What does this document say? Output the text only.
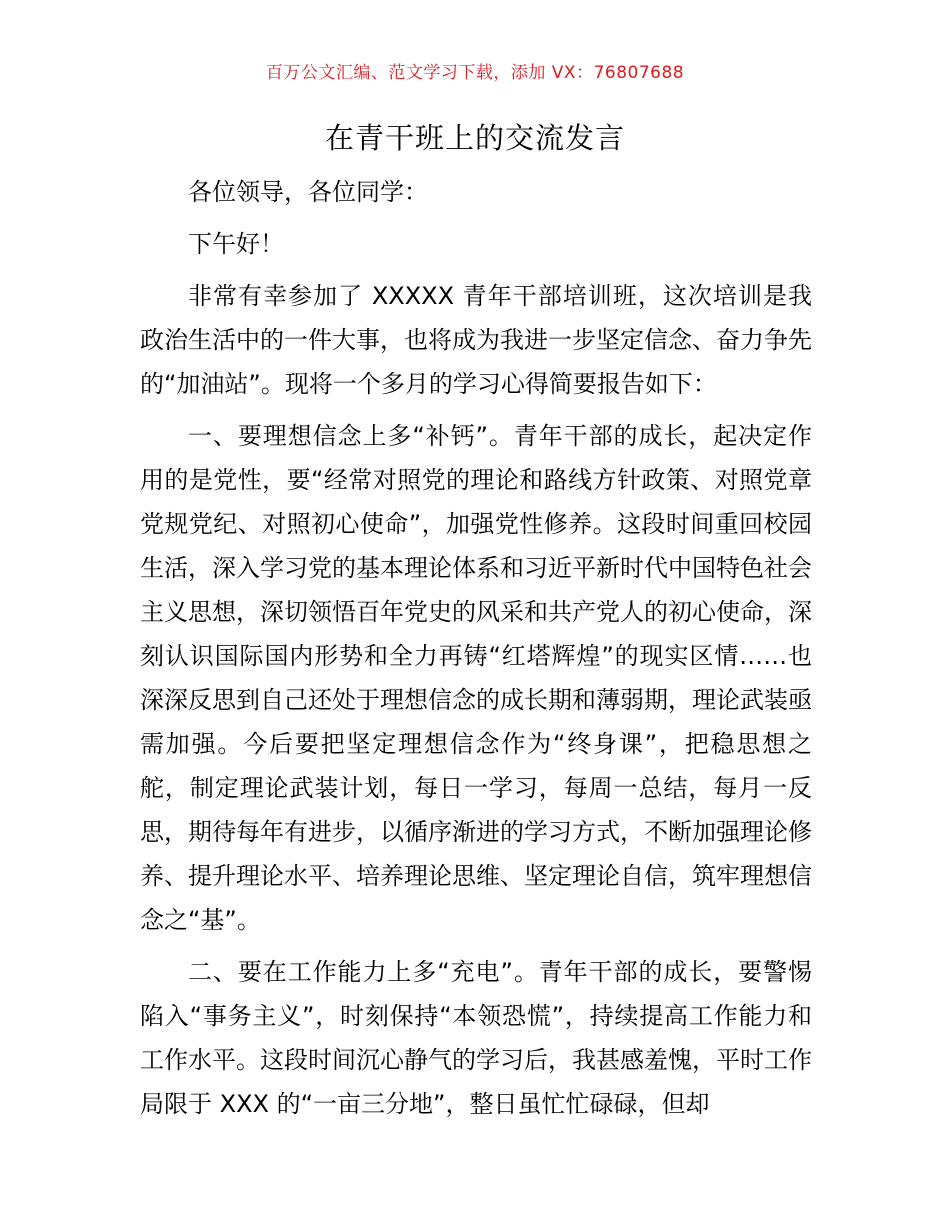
百万公文汇编、范文学习下载，添加 VX：76807688
在青干班上的交流发言

各位领导，各位同学：

下午好！

非常有幸参加了 XXXXX 青年干部培训班，这次培训是我政治生活中的一件大事，也将成为我进一步坚定信念、奋力争先的“加油站”。现将一个多月的学习心得简要报告如下：

一、要理想信念上多“补钙”。青年干部的成长，起决定作用的是党性，要“经常对照党的理论和路线方针政策、对照党章党规党纪、对照初心使命”，加强党性修养。这段时间重回校园生活，深入学习党的基本理论体系和习近平新时代中国特色社会主义思想，深切领悟百年党史的风采和共产党人的初心使命，深刻认识国际国内形势和全力再铸“红塔辉煌”的现实区情……也深深反思到自己还处于理想信念的成长期和薄弱期，理论武装亟需加强。今后要把坚定理想信念作为“终身课”，把稳思想之舵，制定理论武装计划，每日一学习，每周一总结，每月一反思，期待每年有进步，以循序渐进的学习方式，不断加强理论修养、提升理论水平、培养理论思维、坚定理论自信，筑牢理想信念之“基”。

二、要在工作能力上多“充电”。青年干部的成长，要警惕陷入“事务主义”，时刻保持“本领恐慌”，持续提高工作能力和工作水平。这段时间沉心静气的学习后，我甚感羞愧，平时工作局限于 XXX 的“一亩三分地”，整日虽忙忙碌碌，但却
